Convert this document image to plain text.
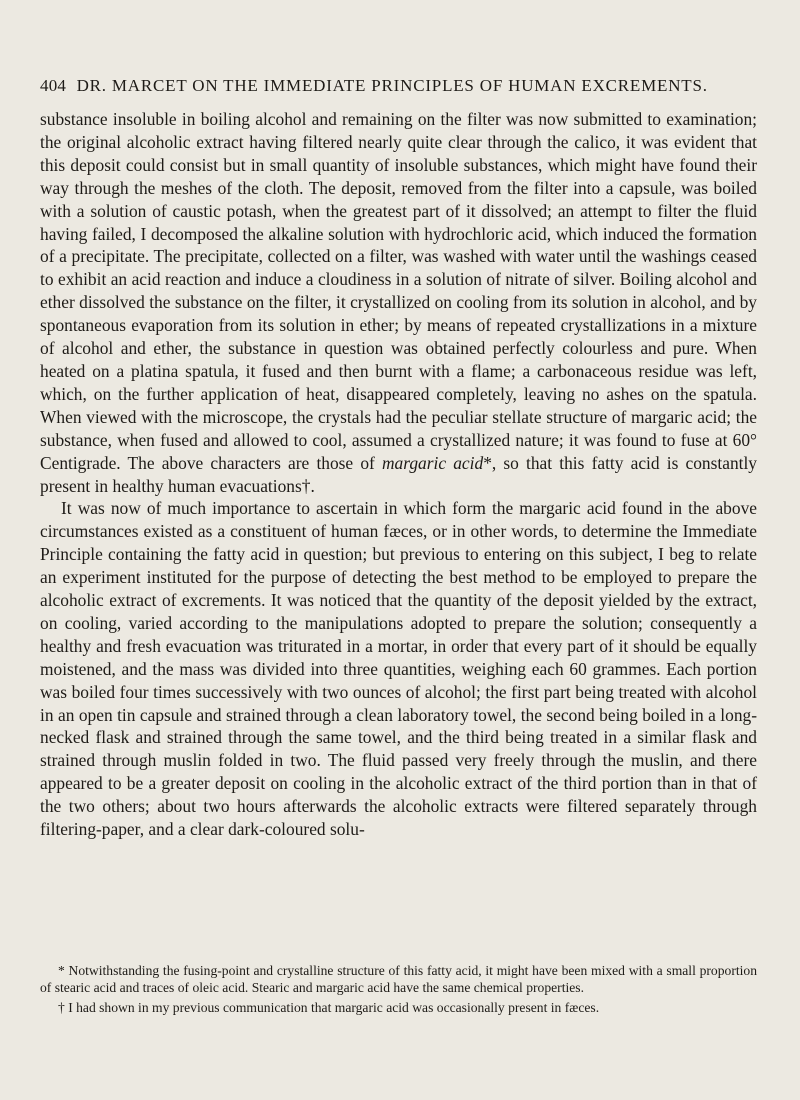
404 DR. MARCET ON THE IMMEDIATE PRINCIPLES OF HUMAN EXCREMENTS.

substance insoluble in boiling alcohol and remaining on the filter was now submitted to examination; the original alcoholic extract having filtered nearly quite clear through the calico, it was evident that this deposit could consist but in small quantity of insoluble substances, which might have found their way through the meshes of the cloth. The deposit, removed from the filter into a capsule, was boiled with a solution of caustic potash, when the greatest part of it dissolved; an attempt to filter the fluid having failed, I decomposed the alkaline solution with hydrochloric acid, which induced the formation of a precipitate. The precipitate, collected on a filter, was washed with water until the washings ceased to exhibit an acid reaction and induce a cloudiness in a solution of nitrate of silver. Boiling alcohol and ether dissolved the substance on the filter, it crystallized on cooling from its solution in alcohol, and by spontaneous evaporation from its solution in ether; by means of repeated crystallizations in a mixture of alcohol and ether, the substance in question was obtained perfectly colourless and pure. When heated on a platina spatula, it fused and then burnt with a flame; a carbonaceous residue was left, which, on the further application of heat, disappeared completely, leaving no ashes on the spatula. When viewed with the microscope, the crystals had the peculiar stellate structure of margaric acid; the substance, when fused and allowed to cool, assumed a crystallized nature; it was found to fuse at 60° Centigrade. The above characters are those of margaric acid*, so that this fatty acid is constantly present in healthy human evacuations†.

It was now of much importance to ascertain in which form the margaric acid found in the above circumstances existed as a constituent of human fæces, or in other words, to determine the Immediate Principle containing the fatty acid in question; but previous to entering on this subject, I beg to relate an experiment instituted for the purpose of detecting the best method to be employed to prepare the alcoholic extract of excrements. It was noticed that the quantity of the deposit yielded by the extract, on cooling, varied according to the manipulations adopted to prepare the solution; consequently a healthy and fresh evacuation was triturated in a mortar, in order that every part of it should be equally moistened, and the mass was divided into three quantities, weighing each 60 grammes. Each portion was boiled four times successively with two ounces of alcohol; the first part being treated with alcohol in an open tin capsule and strained through a clean laboratory towel, the second being boiled in a long-necked flask and strained through the same towel, and the third being treated in a similar flask and strained through muslin folded in two. The fluid passed very freely through the muslin, and there appeared to be a greater deposit on cooling in the alcoholic extract of the third portion than in that of the two others; about two hours afterwards the alcoholic extracts were filtered separately through filtering-paper, and a clear dark-coloured solu-

* Notwithstanding the fusing-point and crystalline structure of this fatty acid, it might have been mixed with a small proportion of stearic acid and traces of oleic acid. Stearic and margaric acid have the same chemical properties.

† I had shown in my previous communication that margaric acid was occasionally present in fæces.
